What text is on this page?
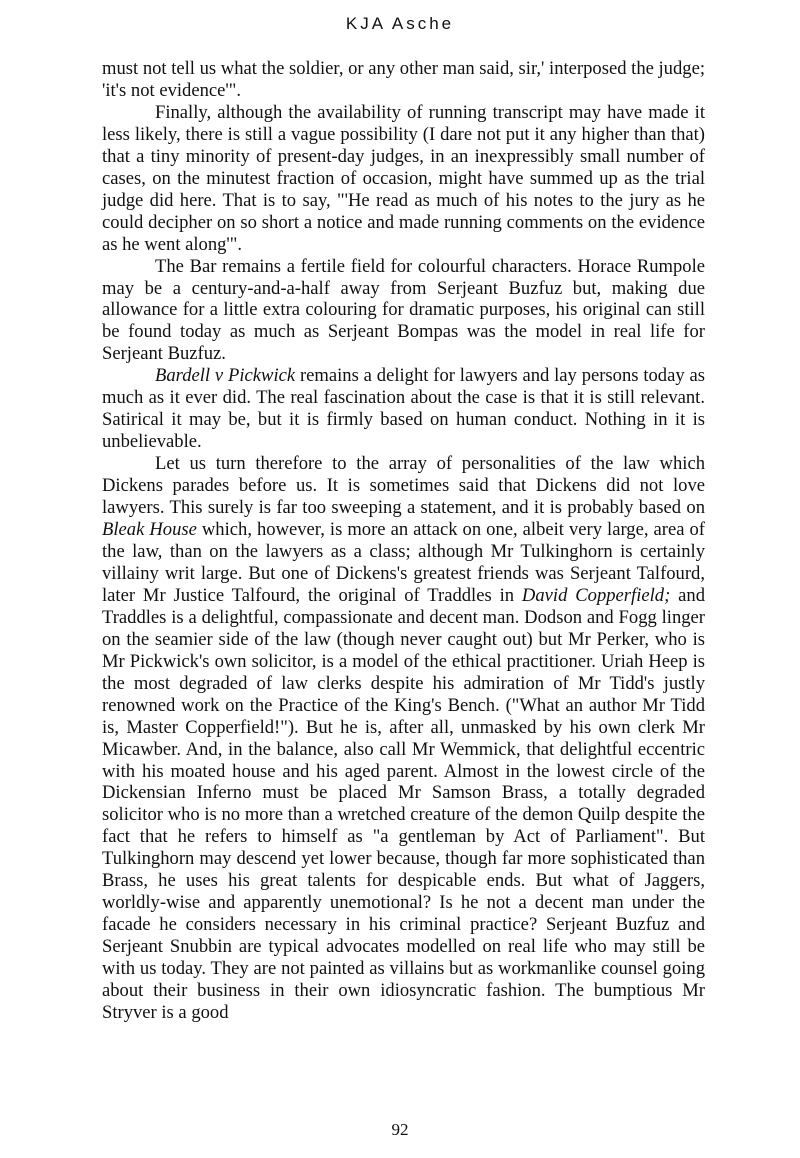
KJA Asche

must not tell us what the soldier, or any other man said, sir,' interposed the judge; 'it's not evidence'".

Finally, although the availability of running transcript may have made it less likely, there is still a vague possibility (I dare not put it any higher than that) that a tiny minority of present-day judges, in an inexpressibly small number of cases, on the minutest fraction of occasion, might have summed up as the trial judge did here. That is to say, "'He read as much of his notes to the jury as he could decipher on so short a notice and made running comments on the evidence as he went along'".

The Bar remains a fertile field for colourful characters. Horace Rumpole may be a century-and-a-half away from Serjeant Buzfuz but, making due allowance for a little extra colouring for dramatic purposes, his original can still be found today as much as Serjeant Bompas was the model in real life for Serjeant Buzfuz.

Bardell v Pickwick remains a delight for lawyers and lay persons today as much as it ever did. The real fascination about the case is that it is still relevant. Satirical it may be, but it is firmly based on human conduct. Nothing in it is unbelievable.

Let us turn therefore to the array of personalities of the law which Dickens parades before us. It is sometimes said that Dickens did not love lawyers. This surely is far too sweeping a statement, and it is probably based on Bleak House which, however, is more an attack on one, albeit very large, area of the law, than on the lawyers as a class; although Mr Tulkinghorn is certainly villainy writ large. But one of Dickens's greatest friends was Serjeant Talfourd, later Mr Justice Talfourd, the original of Traddles in David Copperfield; and Traddles is a delightful, compassionate and decent man. Dodson and Fogg linger on the seamier side of the law (though never caught out) but Mr Perker, who is Mr Pickwick's own solicitor, is a model of the ethical practitioner. Uriah Heep is the most degraded of law clerks despite his admiration of Mr Tidd's justly renowned work on the Practice of the King's Bench. ("What an author Mr Tidd is, Master Copperfield!"). But he is, after all, unmasked by his own clerk Mr Micawber. And, in the balance, also call Mr Wemmick, that delightful eccentric with his moated house and his aged parent. Almost in the lowest circle of the Dickensian Inferno must be placed Mr Samson Brass, a totally degraded solicitor who is no more than a wretched creature of the demon Quilp despite the fact that he refers to himself as "a gentleman by Act of Parliament". But Tulkinghorn may descend yet lower because, though far more sophisticated than Brass, he uses his great talents for despicable ends. But what of Jaggers, worldly-wise and apparently unemotional? Is he not a decent man under the facade he considers necessary in his criminal practice? Serjeant Buzfuz and Serjeant Snubbin are typical advocates modelled on real life who may still be with us today. They are not painted as villains but as workmanlike counsel going about their business in their own idiosyncratic fashion. The bumptious Mr Stryver is a good

92
